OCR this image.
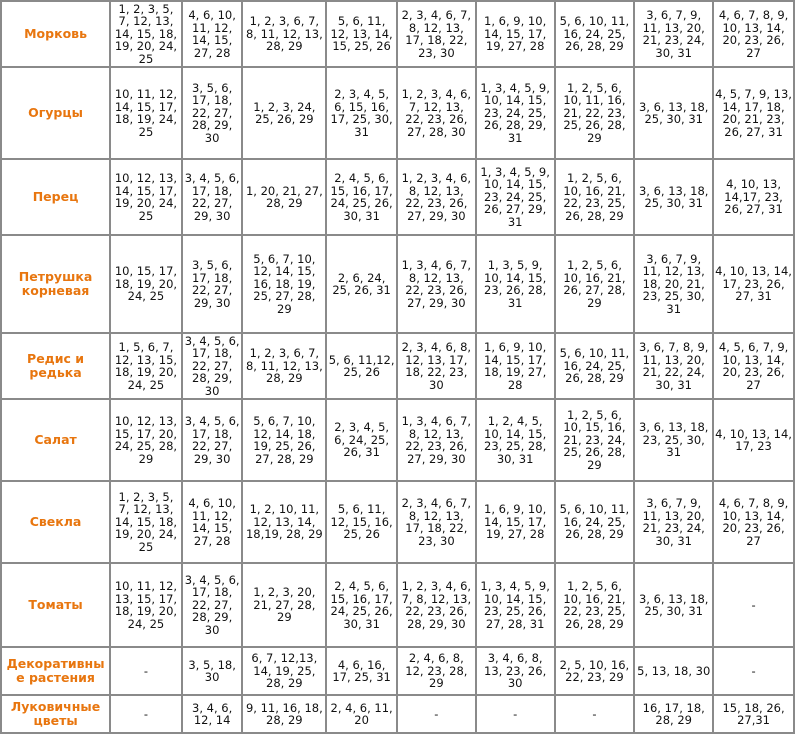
Морковь	1, 2, 3, 5, 7, 12, 13, 14, 15, 18, 19, 20, 24, 25	4, 6, 10, 11, 12, 14, 15, 27, 28	1, 2, 3, 6, 7, 8, 11, 12, 13, 28, 29	5, 6, 11, 12, 13, 14, 15, 25, 26	2, 3, 4, 6, 7, 8, 12, 13, 17, 18, 22, 23, 30	1, 6, 9, 10, 14, 15, 17, 19, 27, 28	5, 6, 10, 11, 16, 24, 25, 26, 28, 29	3, 6, 7, 9, 11, 13, 20, 21, 23, 24, 30, 31	4, 6, 7, 8, 9, 10, 13, 14, 20, 23, 26, 27
Огурцы	10, 11, 12, 14, 15, 17, 18, 19, 24, 25	3, 5, 6, 17, 18, 22, 27, 28, 29, 30	1, 2, 3, 24, 25, 26, 29	2, 3, 4, 5, 6, 15, 16, 17, 25, 30, 31	1, 2, 3, 4, 6, 7, 12, 13, 22, 23, 26, 27, 28, 30	1, 3, 4, 5, 9, 10, 14, 15, 23, 24, 25, 26, 28, 29, 31	1, 2, 5, 6, 10, 11, 16, 21, 22, 23, 25, 26, 28, 29	3, 6, 13, 18, 25, 30, 31	4, 5, 7, 9, 13, 14, 17, 18, 20, 21, 23, 26, 27, 31
Перец	10, 12, 13, 14, 15, 17, 19, 20, 24, 25	3, 4, 5, 6, 17, 18, 22, 27, 29, 30	1, 20, 21, 27, 28, 29	2, 4, 5, 6, 15, 16, 17, 24, 25, 26, 30, 31	1, 2, 3, 4, 6, 8, 12, 13, 22, 23, 26, 27, 29, 30	1, 3, 4, 5, 9, 10, 14, 15, 23, 24, 25, 26, 27, 29, 31	1, 2, 5, 6, 10, 16, 21, 22, 23, 25, 26, 28, 29	3, 6, 13, 18, 25, 30, 31	4, 10, 13, 14,17, 23, 26, 27, 31
Петрушка корневая	10, 15, 17, 18, 19, 20, 24, 25	3, 5, 6, 17, 18, 22, 27, 29, 30	5, 6, 7, 10, 12, 14, 15, 16, 18, 19, 25, 27, 28, 29	2, 6, 24, 25, 26, 31	1, 3, 4, 6, 7, 8, 12, 13, 22, 23, 26, 27, 29, 30	1, 3, 5, 9, 10, 14, 15, 23, 26, 28, 31	1, 2, 5, 6, 10, 16, 21, 26, 27, 28, 29	3, 6, 7, 9, 11, 12, 13, 18, 20, 21, 23, 25, 30, 31	4, 10, 13, 14, 17, 23, 26, 27, 31
Редис и редька	1, 5, 6, 7, 12, 13, 15, 18, 19, 20, 24, 25	3, 4, 5, 6, 17, 18, 22, 27, 28, 29, 30	1, 2, 3, 6, 7, 8, 11, 12, 13, 28, 29	5, 6, 11,12, 25, 26	2, 3, 4, 6, 8, 12, 13, 17, 18, 22, 23, 30	1, 6, 9, 10, 14, 15, 17, 18, 19, 27, 28	5, 6, 10, 11, 16, 24, 25, 26, 28, 29	3, 6, 7, 8, 9, 11, 13, 20, 21, 22, 24, 30, 31	4, 5, 6, 7, 9, 10, 13, 14, 20, 23, 26, 27
Салат	10, 12, 13, 15, 17, 20, 24, 25, 28, 29	3, 4, 5, 6, 17, 18, 22, 27, 29, 30	5, 6, 7, 10, 12, 14, 18, 19, 25, 26, 27, 28, 29	2, 3, 4, 5, 6, 24, 25, 26, 31	1, 3, 4, 6, 7, 8, 12, 13, 22, 23, 26, 27, 29, 30	1, 2, 4, 5, 10, 14, 15, 23, 25, 28, 30, 31	1, 2, 5, 6, 10, 15, 16, 21, 23, 24, 25, 26, 28, 29	3, 6, 13, 18, 23, 25, 30, 31	4, 10, 13, 14, 17, 23
Свекла	1, 2, 3, 5, 7, 12, 13, 14, 15, 18, 19, 20, 24, 25	4, 6, 10, 11, 12, 14, 15, 27, 28	1, 2, 10, 11, 12, 13, 14, 18,19, 28, 29	5, 6, 11, 12, 15, 16, 25, 26	2, 3, 4, 6, 7, 8, 12, 13, 17, 18, 22, 23, 30	1, 6, 9, 10, 14, 15, 17, 19, 27, 28	5, 6, 10, 11, 16, 24, 25, 26, 28, 29	3, 6, 7, 9, 11, 13, 20, 21, 23, 24, 30, 31	4, 6, 7, 8, 9, 10, 13, 14, 20, 23, 26, 27
Томаты	10, 11, 12, 13, 15, 17, 18, 19, 20, 24, 25	3, 4, 5, 6, 17, 18, 22, 27, 28, 29, 30	1, 2, 3, 20, 21, 27, 28, 29	2, 4, 5, 6, 15, 16, 17, 24, 25, 26, 30, 31	1, 2, 3, 4, 6, 7, 8, 12, 13, 22, 23, 26, 28, 29, 30	1, 3, 4, 5, 9, 10, 14, 15, 23, 25, 26, 27, 28, 31	1, 2, 5, 6, 10, 16, 21, 22, 23, 25, 26, 28, 29	3, 6, 13, 18, 25, 30, 31	-
Декоративные растения	-	3, 5, 18, 30	6, 7, 12,13, 14, 19, 25, 28, 29	4, 6, 16, 17, 25, 31	2, 4, 6, 8, 12, 23, 28, 29	3, 4, 6, 8, 13, 23, 26, 30	2, 5, 10, 16, 22, 23, 29	5, 13, 18, 30	-
Луковичные цветы	-	3, 4, 6, 12, 14	9, 11, 16, 18, 28, 29	2, 4, 6, 11, 20	-	-	-	16, 17, 18, 28, 29	15, 18, 26, 27,31
